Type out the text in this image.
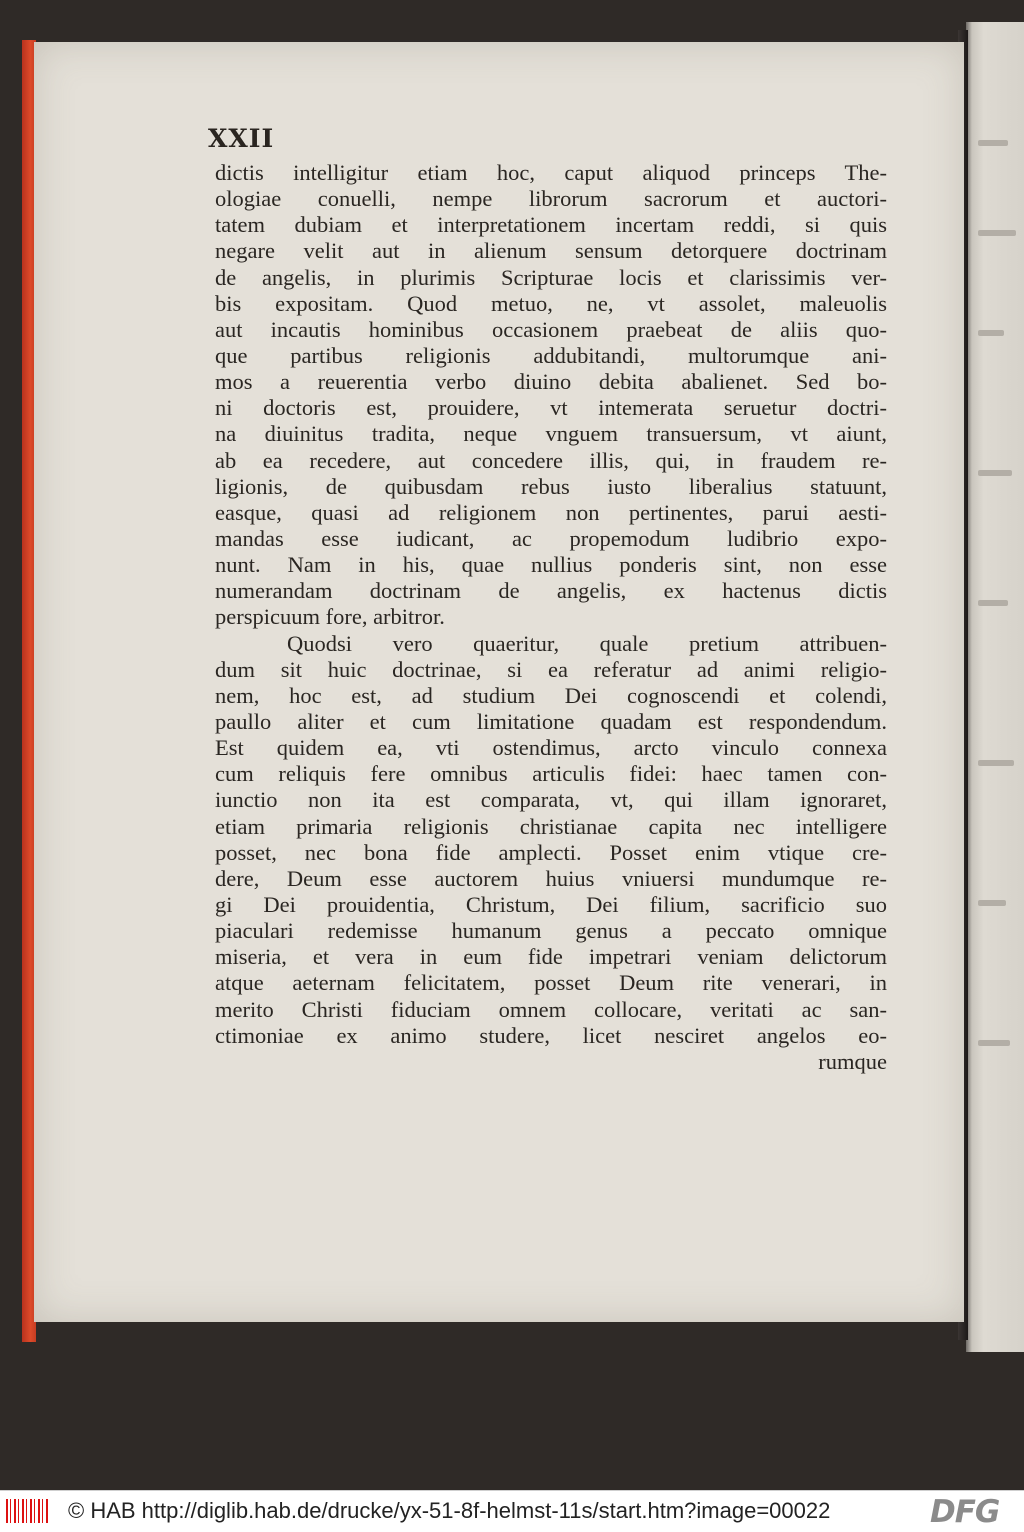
XXII
dictis intelligitur etiam hoc, caput aliquod princeps The-
ologiae conuelli, nempe librorum sacrorum et auctori-
tatem dubiam et interpretationem incertam reddi, si quis
negare velit aut in alienum sensum detorquere doctrinam
de angelis, in plurimis Scripturae locis et clarissimis ver-
bis expositam. Quod metuo, ne, vt assolet, maleuolis
aut incautis hominibus occasionem praebeat de aliis quo-
que partibus religionis addubitandi, multorumque ani-
mos a reuerentia verbo diuino debita abalienet. Sed bo-
ni doctoris est, prouidere, vt intemerata seruetur doctri-
na diuinitus tradita, neque vnguem transuersum, vt aiunt,
ab ea recedere, aut concedere illis, qui, in fraudem re-
ligionis, de quibusdam rebus iusto liberalius statuunt,
easque, quasi ad religionem non pertinentes, parui aesti-
mandas esse iudicant, ac propemodum ludibrio expo-
nunt. Nam in his, quae nullius ponderis sint, non esse
numerandam doctrinam de angelis, ex hactenus dictis
perspicuum fore, arbitror.
Quodsi vero quaeritur, quale pretium attribuen-
dum sit huic doctrinae, si ea referatur ad animi religio-
nem, hoc est, ad studium Dei cognoscendi et colendi,
paullo aliter et cum limitatione quadam est respondendum.
Est quidem ea, vti ostendimus, arcto vinculo connexa
cum reliquis fere omnibus articulis fidei: haec tamen con-
iunctio non ita est comparata, vt, qui illam ignoraret,
etiam primaria religionis christianae capita nec intelligere
posset, nec bona fide amplecti. Posset enim vtique cre-
dere, Deum esse auctorem huius vniuersi mundumque re-
gi Dei prouidentia, Christum, Dei filium, sacrificio suo
piaculari redemisse humanum genus a peccato omnique
miseria, et vera in eum fide impetrari veniam delictorum
atque aeternam felicitatem, posset Deum rite venerari, in
merito Christi fiduciam omnem collocare, veritati ac san-
ctimoniae ex animo studere, licet nesciret angelos eo-
rumque
© HAB http://diglib.hab.de/drucke/yx-51-8f-helmst-11s/start.htm?image=00022	DFG
